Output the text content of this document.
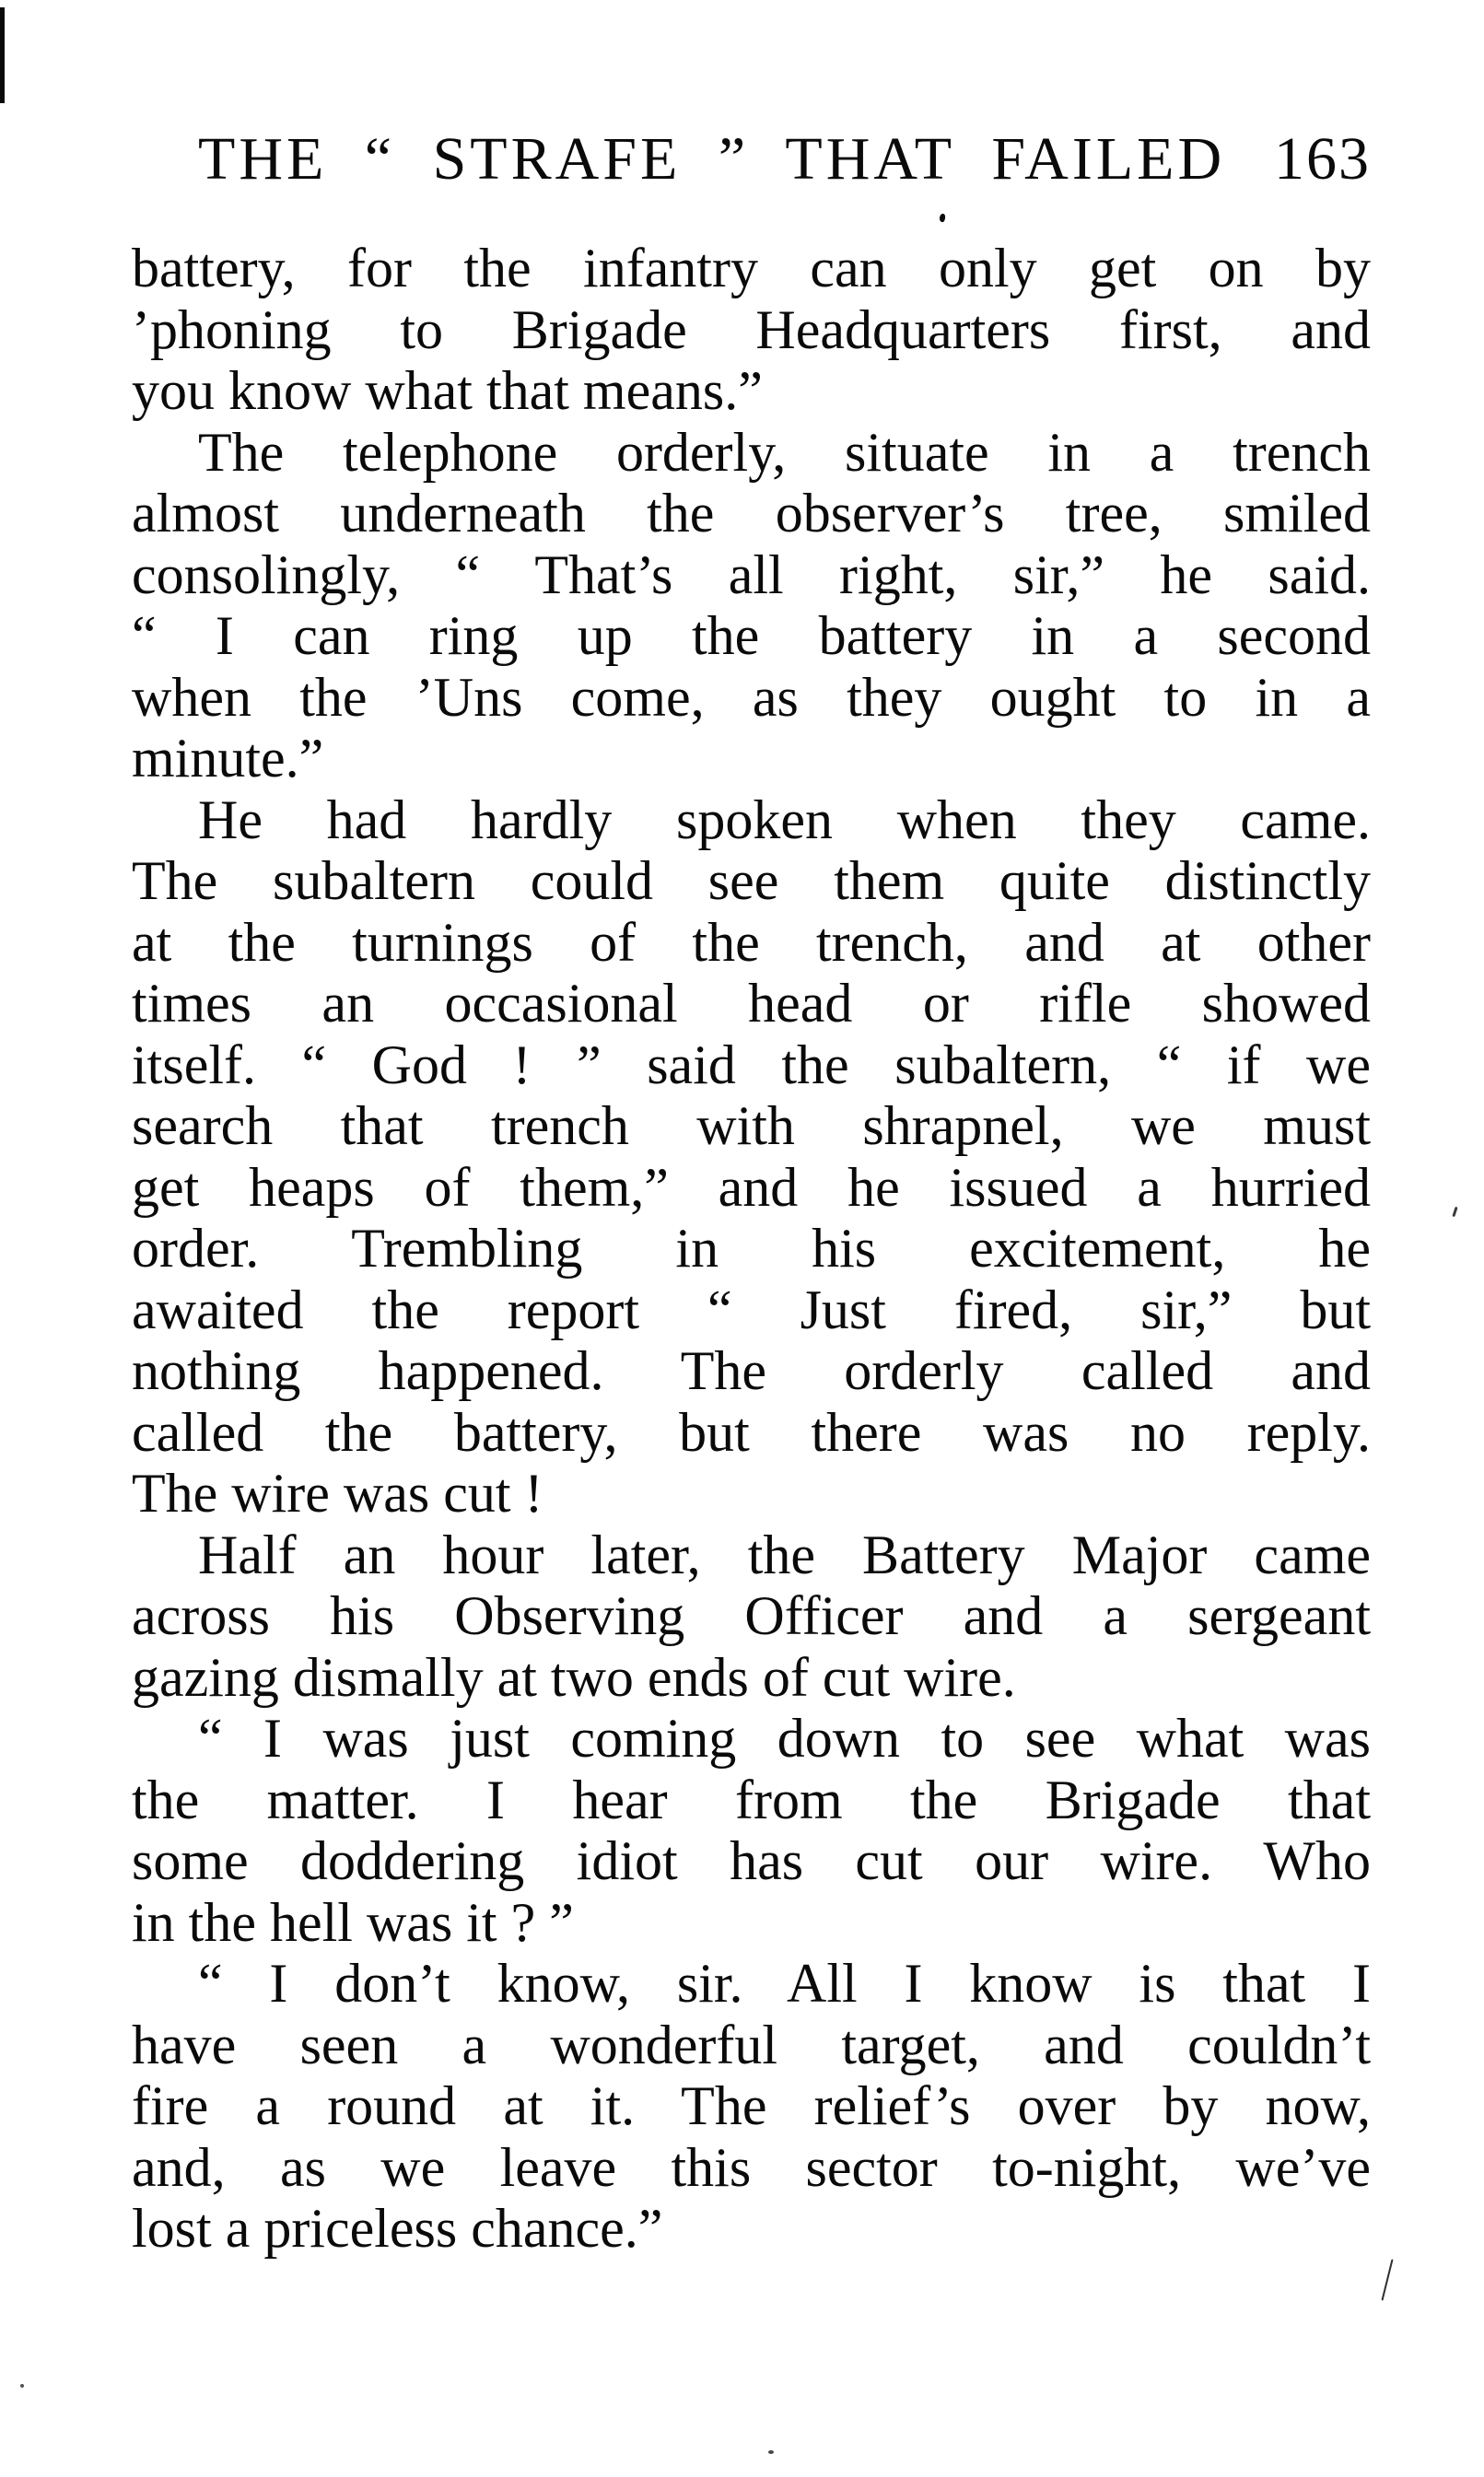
THE “ STRAFE ” THAT FAILED 163
battery, for the infantry can only get on by
’phoning to Brigade Headquarters first, and
you know what that means.”
The telephone orderly, situate in a trench
almost underneath the observer’s tree, smiled
consolingly, “ That’s all right, sir,” he said.
“ I can ring up the battery in a second
when the ’Uns come, as they ought to in a
minute.”
He had hardly spoken when they came.
The subaltern could see them quite distinctly
at the turnings of the trench, and at other
times an occasional head or rifle showed
itself. “ God ! ” said the subaltern, “ if we
search that trench with shrapnel, we must
get heaps of them,” and he issued a hurried
order. Trembling in his excitement, he
awaited the report “ Just fired, sir,” but
nothing happened. The orderly called and
called the battery, but there was no reply.
The wire was cut !
Half an hour later, the Battery Major came
across his Observing Officer and a sergeant
gazing dismally at two ends of cut wire.
“ I was just coming down to see what was
the matter. I hear from the Brigade that
some doddering idiot has cut our wire. Who
in the hell was it ? ”
“ I don’t know, sir. All I know is that I
have seen a wonderful target, and couldn’t
fire a round at it. The relief’s over by now,
and, as we leave this sector to-night, we’ve
lost a priceless chance.”
